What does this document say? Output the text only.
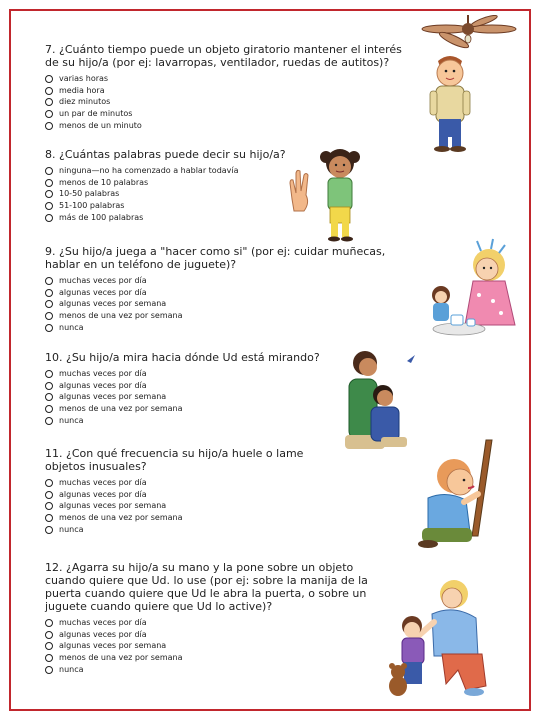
7. ¿Cuánto tiempo puede un objeto giratorio mantener el interés de su hijo/a (por ej: lavarropas, ventilador, ruedas de autitos)?
varias horas
media hora
diez minutos
un par de minutos
menos de un minuto
8. ¿Cuántas palabras puede decir su hijo/a?
ninguna—no ha comenzado a hablar todavía
menos de 10 palabras
10-50 palabras
51-100 palabras
más de 100 palabras
9. ¿Su hijo/a juega a "hacer como si" (por ej: cuidar muñecas, hablar en un teléfono de juguete)?
muchas veces por día
algunas veces por día
algunas veces por semana
menos de una vez por semana
nunca
10. ¿Su hijo/a mira hacia dónde Ud está mirando?
muchas veces por día
algunas veces por día
algunas veces por semana
menos de una vez por semana
nunca
11. ¿Con qué frecuencia su hijo/a huele o lame objetos inusuales?
muchas veces por día
algunas veces por día
algunas veces por semana
menos de una vez por semana
nunca
12. ¿Agarra su hijo/a su mano y la pone sobre un objeto cuando quiere que Ud. lo use (por ej: sobre la manija de la puerta cuando quiere que Ud le abra la puerta, o sobre un juguete cuando quiere que Ud lo active)?
muchas veces por día
algunas veces por día
algunas veces por semana
menos de una vez por semana
nunca
